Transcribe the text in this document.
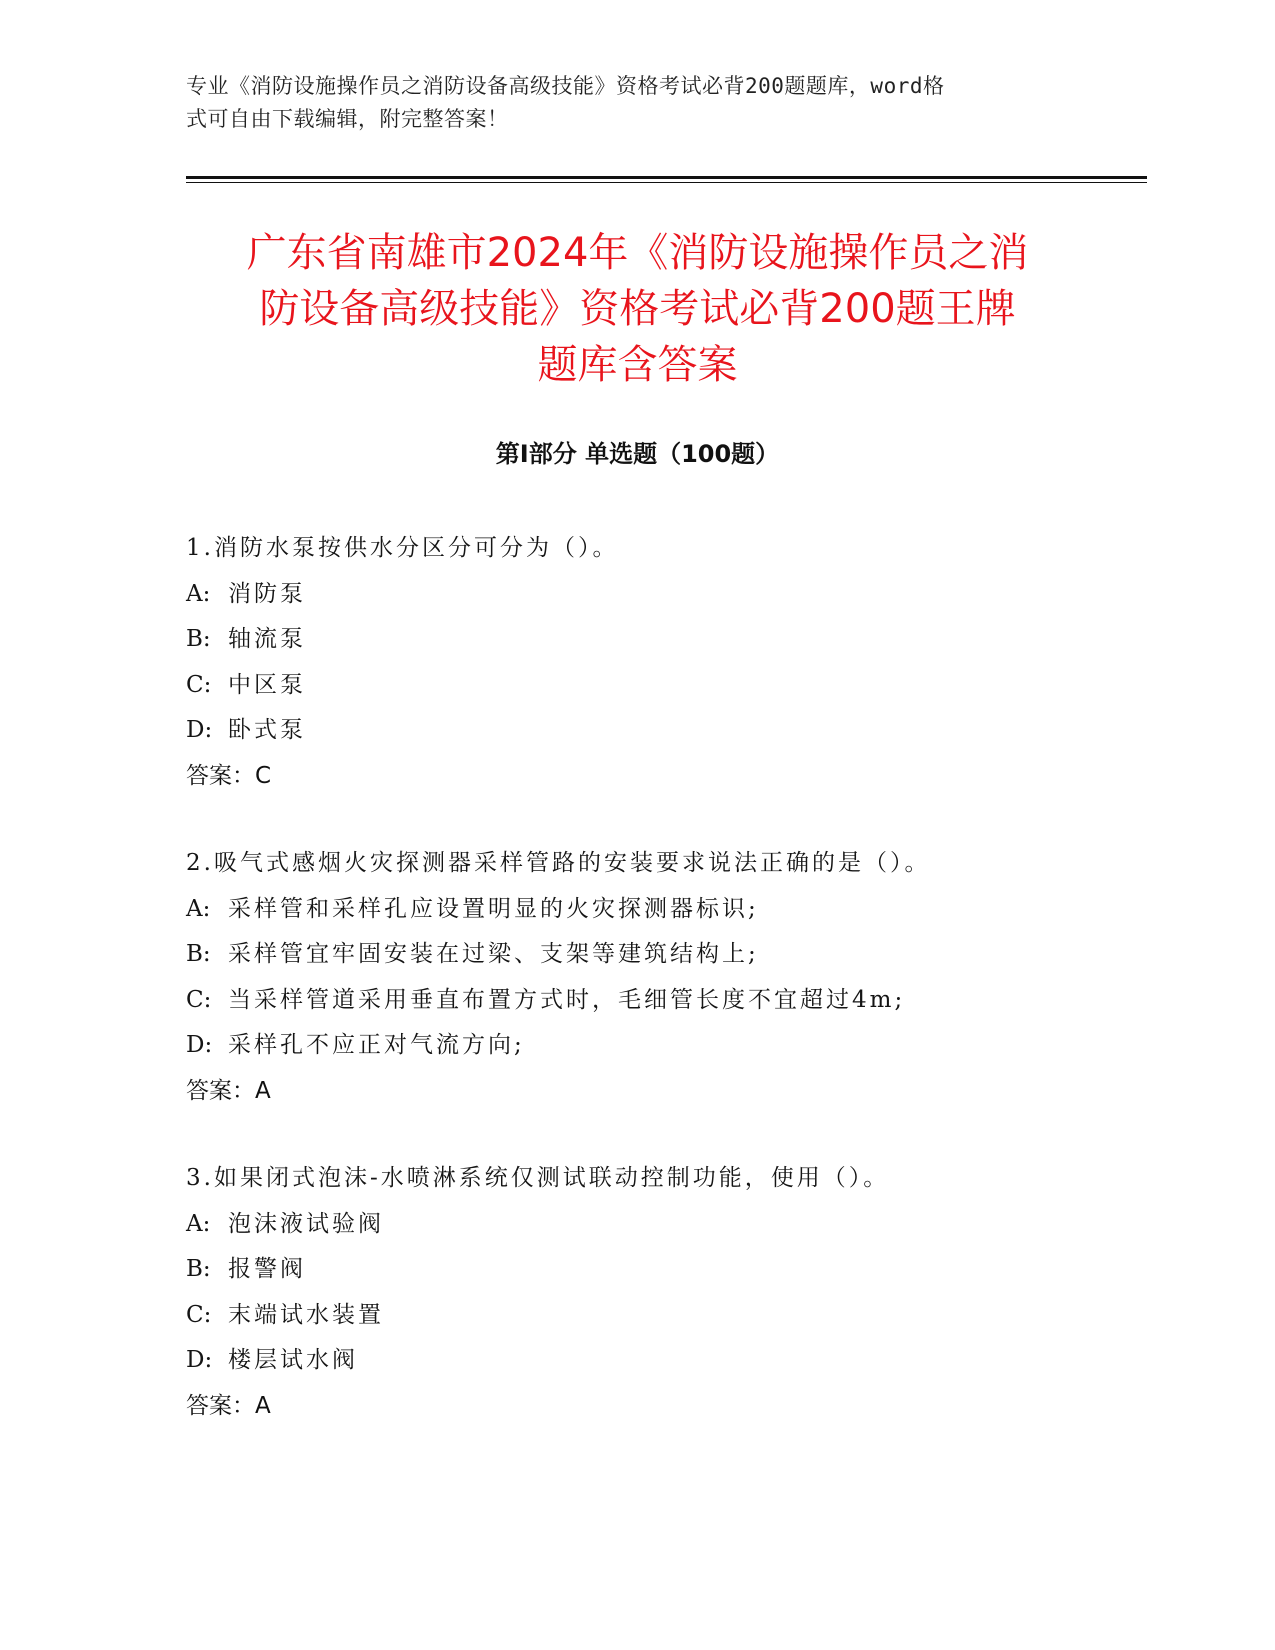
专业《消防设施操作员之消防设备高级技能》资格考试必背200题题库，word格
式可自由下载编辑，附完整答案！
广东省南雄市2024年《消防设施操作员之消
防设备高级技能》资格考试必背200题王牌
题库含答案
第Ⅰ部分 单选题（100题）
1.消防水泵按供水分区分可分为（）。
A: 消防泵
B: 轴流泵
C: 中区泵
D: 卧式泵
答案：C
2.吸气式感烟火灾探测器采样管路的安装要求说法正确的是（）。
A: 采样管和采样孔应设置明显的火灾探测器标识;
B: 采样管宜牢固安装在过梁、支架等建筑结构上;
C: 当采样管道采用垂直布置方式时，毛细管长度不宜超过4m;
D: 采样孔不应正对气流方向;
答案：A
3.如果闭式泡沫-水喷淋系统仅测试联动控制功能，使用（）。
A: 泡沫液试验阀
B: 报警阀
C: 末端试水装置
D: 楼层试水阀
答案：A
